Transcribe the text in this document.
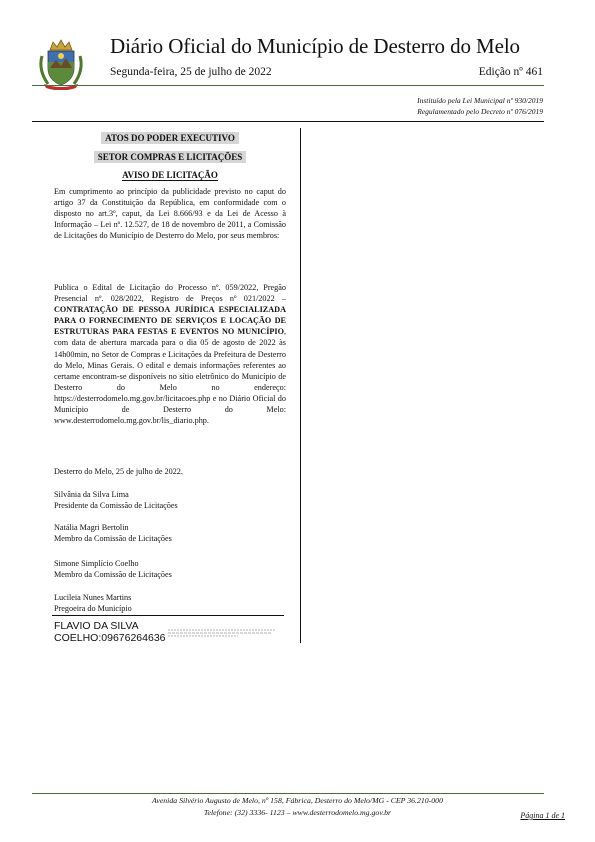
Diário Oficial do Município de Desterro do Melo
Segunda-feira, 25 de julho de 2022	Edição nº 461
Instituído pela Lei Municipal nº 930/2019
Regulamentado pelo Decreto nº 076/2019
ATOS DO PODER EXECUTIVO
SETOR COMPRAS E LICITAÇÕES
AVISO DE LICITAÇÃO
Em cumprimento ao princípio da publicidade previsto no caput do artigo 37 da Constituição da República, em conformidade com o disposto no art.3º, caput, da Lei 8.666/93 e da Lei de Acesso à Informação – Lei nº. 12.527, de 18 de novembro de 2011, a Comissão de Licitações do Município de Desterro do Melo, por seus membros:
Publica o Edital de Licitação do Processo nº. 059/2022, Pregão Presencial nº. 028/2022, Registro de Preços nº 021/2022 – CONTRATAÇÃO DE PESSOA JURÍDICA ESPECIALIZADA PARA O FORNECIMENTO DE SERVIÇOS E LOCAÇÃO DE ESTRUTURAS PARA FESTAS E EVENTOS NO MUNICÍPIO, com data de abertura marcada para o dia 05 de agosto de 2022 às 14h00min, no Setor de Compras e Licitações da Prefeitura de Desterro do Melo, Minas Gerais. O edital e demais informações referentes ao certame encontram-se disponíveis no sítio eletrônico do Município de Desterro do Melo no endereço: https://desterrodomelo.mg.gov.br/licitacoes.php e no Diário Oficial do Município de Desterro do Melo: www.desterrodomelo.mg.gov.br/lis_diario.php.
Desterro do Melo, 25 de julho de 2022.
Silvânia da Silva Lima
Presidente da Comissão de Licitações
Natália Magri Bertolin
Membro da Comissão de Licitações
Simone Simplício Coelho
Membro da Comissão de Licitações
Lucileia Nunes Martins
Pregoeira do Município
FLAVIO DA SILVA
COELHO:09676264636
Avenida Silvério Augusto de Melo, nº 158, Fábrica, Desterro do Melo/MG - CEP 36.210-000
Telefone: (32) 3336- 1123 – www.desterrodomelo.mg.gov.br	Página 1 de 1
